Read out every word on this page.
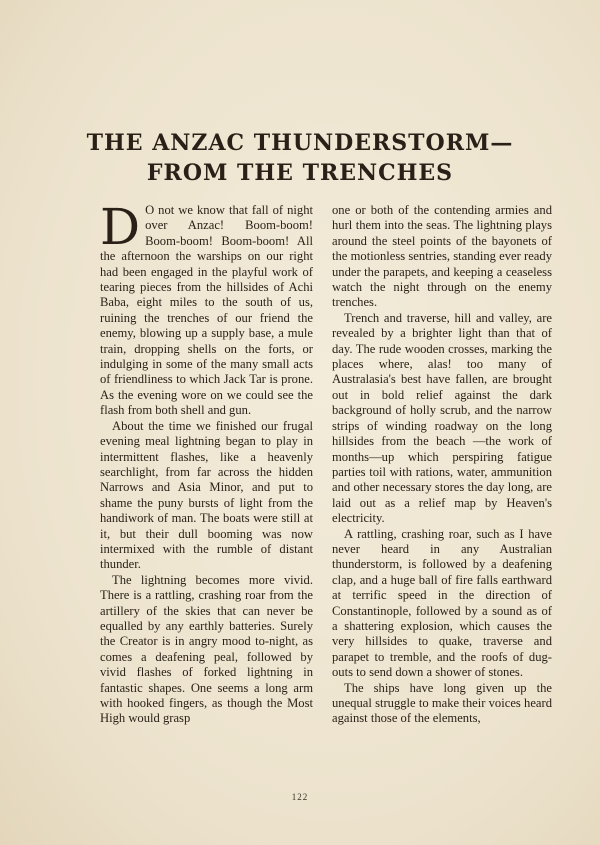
THE ANZAC THUNDERSTORM—
FROM THE TRENCHES

D O not we know that fall of night over Anzac! Boom-boom! Boom-boom! Boom-boom! All the afternoon the warships on our right had been engaged in the playful work of tearing pieces from the hillsides of Achi Baba, eight miles to the south of us, ruining the trenches of our friend the enemy, blowing up a supply base, a mule train, dropping shells on the forts, or indulging in some of the many small acts of friendliness to which Jack Tar is prone. As the evening wore on we could see the flash from both shell and gun.

About the time we finished our frugal evening meal lightning began to play in intermittent flashes, like a heavenly searchlight, from far across the hidden Narrows and Asia Minor, and put to shame the puny bursts of light from the handiwork of man. The boats were still at it, but their dull booming was now intermixed with the rumble of distant thunder.

The lightning becomes more vivid. There is a rattling, crashing roar from the artillery of the skies that can never be equalled by any earthly batteries. Surely the Creator is in angry mood to-night, as comes a deafening peal, followed by vivid flashes of forked lightning in fantastic shapes. One seems a long arm with hooked fingers, as though the Most High would grasp

one or both of the contending armies and hurl them into the seas. The lightning plays around the steel points of the bayonets of the motionless sentries, standing ever ready under the parapets, and keeping a ceaseless watch the night through on the enemy trenches.

Trench and traverse, hill and valley, are revealed by a brighter light than that of day. The rude wooden crosses, marking the places where, alas! too many of Australasia's best have fallen, are brought out in bold relief against the dark background of holly scrub, and the narrow strips of winding roadway on the long hillsides from the beach —the work of months—up which perspiring fatigue parties toil with rations, water, ammunition and other necessary stores the day long, are laid out as a relief map by Heaven's electricity.

A rattling, crashing roar, such as I have never heard in any Australian thunderstorm, is followed by a deafening clap, and a huge ball of fire falls earthward at terrific speed in the direction of Constantinople, followed by a sound as of a shattering explosion, which causes the very hillsides to quake, traverse and parapet to tremble, and the roofs of dug-outs to send down a shower of stones.

The ships have long given up the unequal struggle to make their voices heard against those of the elements,

122
